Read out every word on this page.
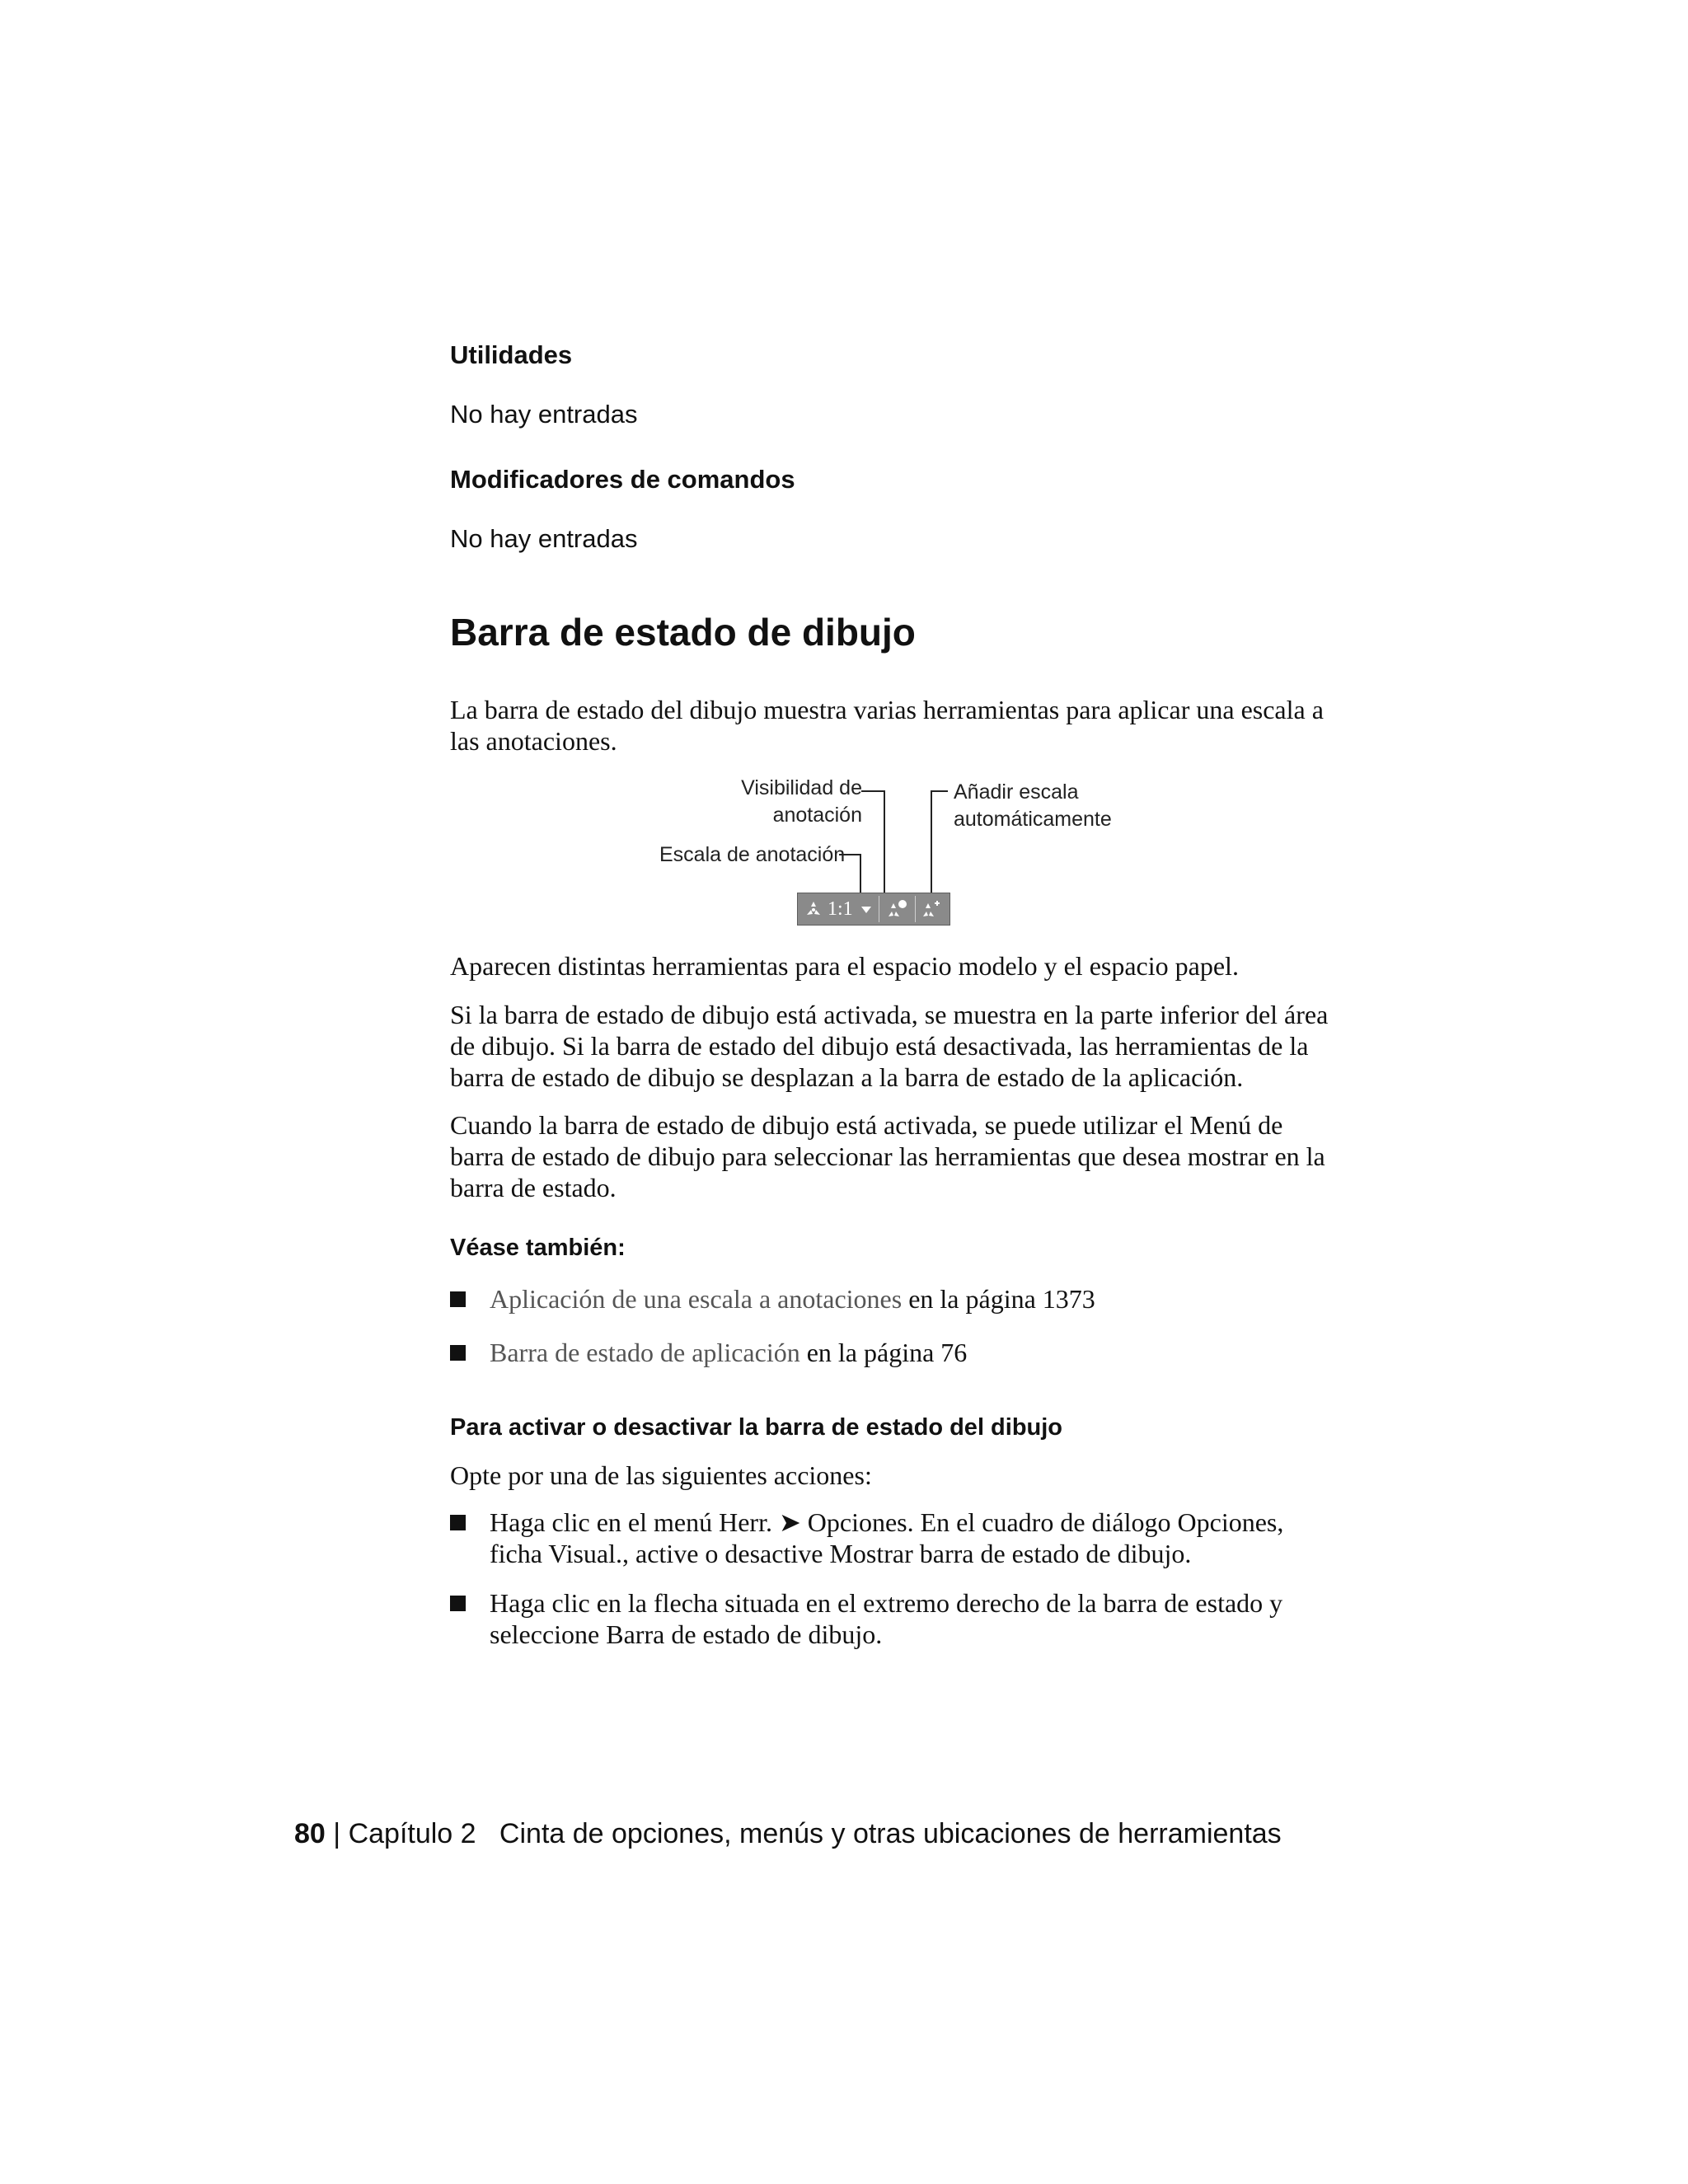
Utilidades

No hay entradas

Modificadores de comandos

No hay entradas

Barra de estado de dibujo

La barra de estado del dibujo muestra varias herramientas para aplicar una escala a las anotaciones.

Visibilidad de
anotación
Añadir escala
automáticamente
Escala de anotación
1:1

Aparecen distintas herramientas para el espacio modelo y el espacio papel.

Si la barra de estado de dibujo está activada, se muestra en la parte inferior del área de dibujo. Si la barra de estado del dibujo está desactivada, las herramientas de la barra de estado de dibujo se desplazan a la barra de estado de la aplicación.

Cuando la barra de estado de dibujo está activada, se puede utilizar el Menú de barra de estado de dibujo para seleccionar las herramientas que desea mostrar en la barra de estado.

Véase también:

Aplicación de una escala a anotaciones en la página 1373
Barra de estado de aplicación en la página 76

Para activar o desactivar la barra de estado del dibujo

Opte por una de las siguientes acciones:

Haga clic en el menú Herr. ➤ Opciones. En el cuadro de diálogo Opciones, ficha Visual., active o desactive Mostrar barra de estado de dibujo.
Haga clic en la flecha situada en el extremo derecho de la barra de estado y seleccione Barra de estado de dibujo.

80 | Capítulo 2 Cinta de opciones, menús y otras ubicaciones de herramientas
